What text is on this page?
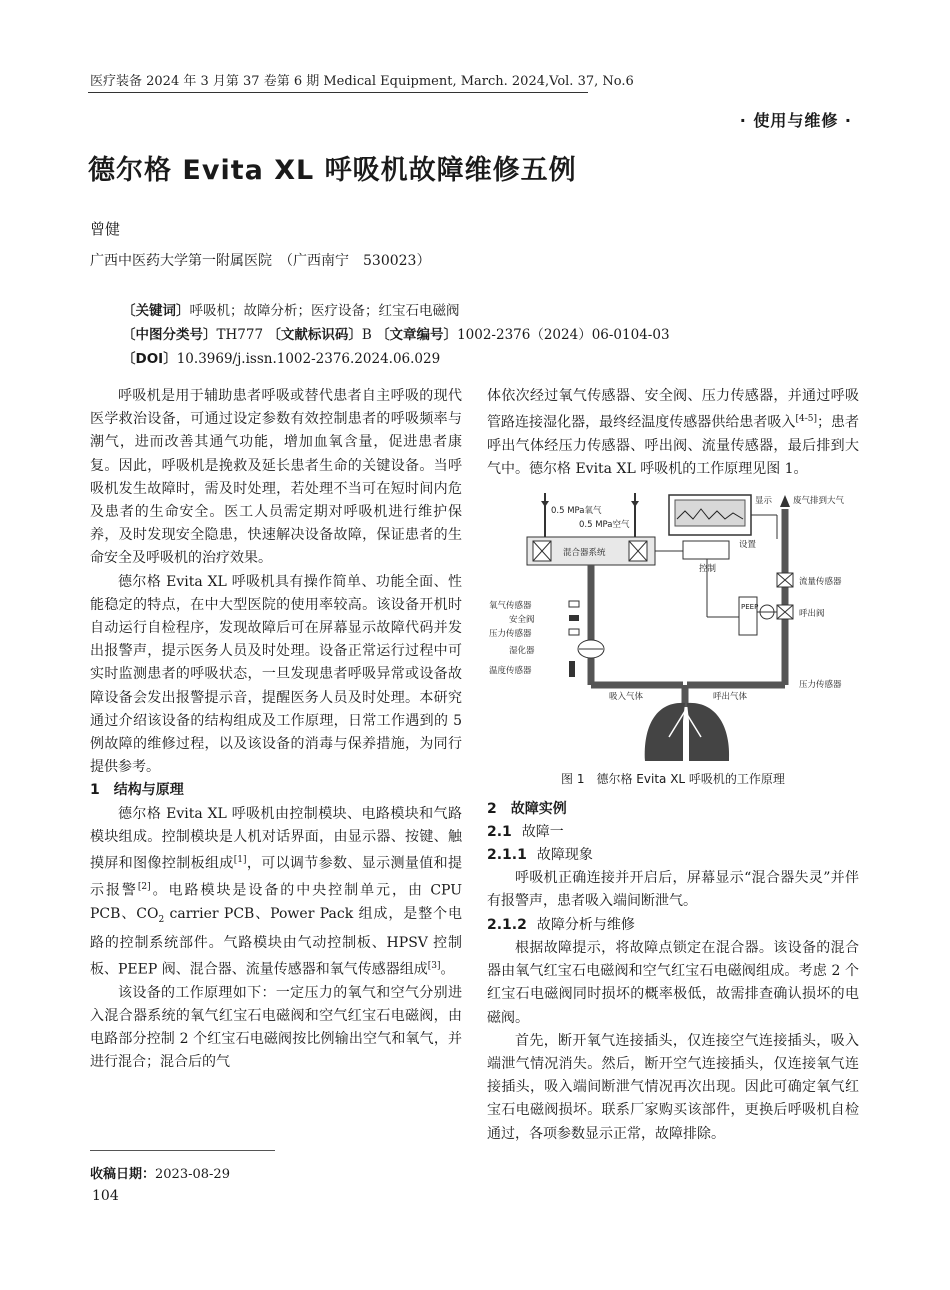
医疗装备 2024 年 3 月第 37 卷第 6 期 Medical Equipment, March. 2024,Vol. 37, No.6
· 使用与维修 ·
德尔格 Evita XL 呼吸机故障维修五例
曾健
广西中医药大学第一附属医院　（广西南宁　530023）
〔关键词〕呼吸机；故障分析；医疗设备；红宝石电磁阀
〔中图分类号〕TH777 〔文献标识码〕B 〔文章编号〕1002-2376（2024）06-0104-03
〔DOI〕10.3969/j.issn.1002-2376.2024.06.029

呼吸机是用于辅助患者呼吸或替代患者自主呼吸的现代医学救治设备，可通过设定参数有效控制患者的呼吸频率与潮气，进而改善其通气功能，增加血氧含量，促进患者康复。因此，呼吸机是挽救及延长患者生命的关键设备。当呼吸机发生故障时，需及时处理，若处理不当可在短时间内危及患者的生命安全。医工人员需定期对呼吸机进行维护保养，及时发现安全隐患，快速解决设备故障，保证患者的生命安全及呼吸机的治疗效果。

德尔格 Evita XL 呼吸机具有操作简单、功能全面、性能稳定的特点，在中大型医院的使用率较高。该设备开机时自动运行自检程序，发现故障后可在屏幕显示故障代码并发出报警声，提示医务人员及时处理。设备正常运行过程中可实时监测患者的呼吸状态，一旦发现患者呼吸异常或设备故障设备会发出报警提示音，提醒医务人员及时处理。本研究通过介绍该设备的结构组成及工作原理，日常工作遇到的 5 例故障的维修过程，以及该设备的消毒与保养措施，为同行提供参考。

1 结构与原理

德尔格 Evita XL 呼吸机由控制模块、电路模块和气路模块组成。控制模块是人机对话界面，由显示器、按键、触摸屏和图像控制板组成[1]，可以调节参数、显示测量值和提示报警[2]。电路模块是设备的中央控制单元，由 CPU PCB、$CO_2$ carrier PCB、Power Pack 组成，是整个电路的控制系统部件。气路模块由气动控制板、HPSV 控制板、PEEP 阀、混合器、流量传感器和氧气传感器组成[3]。

该设备的工作原理如下：一定压力的氧气和空气分别进入混合器系统的氧气红宝石电磁阀和空气红宝石电磁阀，由电路部分控制 2 个红宝石电磁阀按比例输出空气和氧气，并进行混合；混合后的气

体依次经过氧气传感器、安全阀、压力传感器，并通过呼吸管路连接湿化器，最终经温度传感器供给患者吸入[4-5]；患者呼出气体经压力传感器、呼出阀、流量传感器，最后排到大气中。德尔格 Evita XL 呼吸机的工作原理见图 1。

0.5 MPa氧气
0.5 MPa空气
混合器系统
显示
设置
控制
氧气传感器
安全阀
压力传感器
湿化器
温度传感器
PEEP
废气排到大气
流量传感器
呼出阀
压力传感器
吸入气体	呼出气体
图 1　德尔格 Evita XL 呼吸机的工作原理
2 故障实例
2.1 故障一
2.1.1 故障现象

呼吸机正确连接并开启后，屏幕显示“混合器失灵”并伴有报警声，患者吸入端间断泄气。

2.1.2 故障分析与维修

根据故障提示，将故障点锁定在混合器。该设备的混合器由氧气红宝石电磁阀和空气红宝石电磁阀组成。考虑 2 个红宝石电磁阀同时损坏的概率极低，故需排查确认损坏的电磁阀。

首先，断开氧气连接插头，仅连接空气连接插头，吸入端泄气情况消失。然后，断开空气连接插头，仅连接氧气连接插头，吸入端间断泄气情况再次出现。因此可确定氧气红宝石电磁阀损坏。联系厂家购买该部件，更换后呼吸机自检通过，各项参数显示正常，故障排除。

收稿日期：2023-08-29
104
